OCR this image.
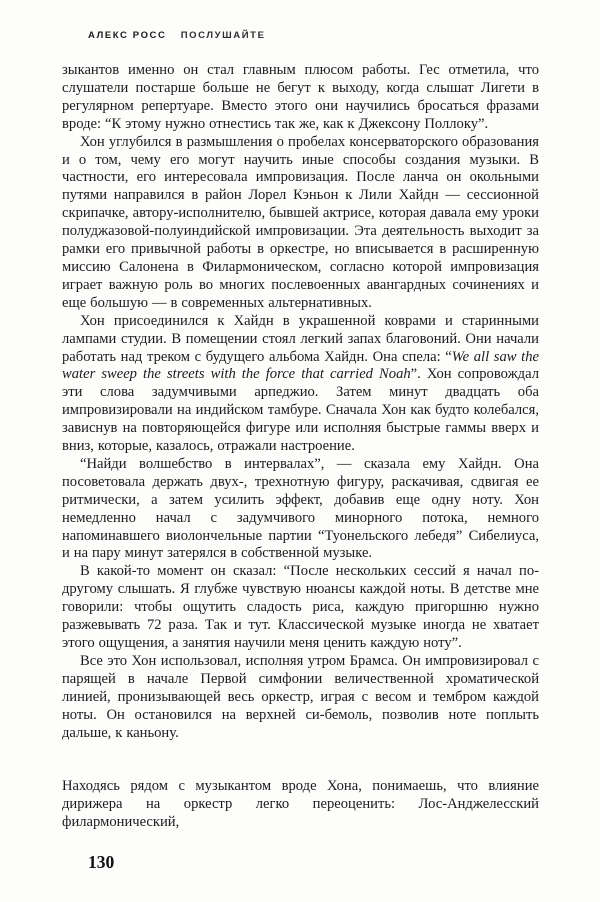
АЛЕКС РОСС ПОСЛУШАЙТЕ

зыкантов именно он стал главным плюсом работы. Гес отметила, что слушатели постарше больше не бегут к выходу, когда слышат Лигети в регулярном репертуаре. Вместо этого они научились бросаться фразами вроде: “К этому нужно отнестись так же, как к Джексону Поллоку”.

Хон углубился в размышления о пробелах консерваторского образования и о том, чему его могут научить иные способы создания музыки. В частности, его интересовала импровизация. После ланча он окольными путями направился в район Лорел Кэньон к Лили Хайдн — сессионной скрипачке, автору-исполнителю, бывшей актрисе, которая давала ему уроки полуджазовой-полуиндийской импровизации. Эта деятельность выходит за рамки его привычной работы в оркестре, но вписывается в расширенную миссию Салонена в Филармоническом, согласно которой импровизация играет важную роль во многих послевоенных авангардных сочинениях и еще большую — в современных альтернативных.

Хон присоединился к Хайдн в украшенной коврами и старинными лампами студии. В помещении стоял легкий запах благовоний. Они начали работать над треком с будущего альбома Хайдн. Она спела: “We all saw the water sweep the streets with the force that carried Noah”. Хон сопровождал эти слова задумчивыми арпеджио. Затем минут двадцать оба импровизировали на индийском тамбуре. Сначала Хон как будто колебался, зависнув на повторяющейся фигуре или исполняя быстрые гаммы вверх и вниз, которые, казалось, отражали настроение.

“Найди волшебство в интервалах”, — сказала ему Хайдн. Она посоветовала держать двух-, трехнотную фигуру, раскачивая, сдвигая ее ритмически, а затем усилить эффект, добавив еще одну ноту. Хон немедленно начал с задумчивого минорного потока, немного напоминавшего виолончельные партии “Туонельского лебедя” Сибелиуса, и на пару минут затерялся в собственной музыке.

В какой-то момент он сказал: “После нескольких сессий я начал по-другому слышать. Я глубже чувствую нюансы каждой ноты. В детстве мне говорили: чтобы ощутить сладость риса, каждую пригоршню нужно разжевывать 72 раза. Так и тут. Классической музыке иногда не хватает этого ощущения, а занятия научили меня ценить каждую ноту”.

Все это Хон использовал, исполняя утром Брамса. Он импровизировал с парящей в начале Первой симфонии величественной хроматической линией, пронизывающей весь оркестр, играя с весом и тембром каждой ноты. Он остановился на верхней си-бемоль, позволив ноте поплыть дальше, к каньону.

Находясь рядом с музыкантом вроде Хона, понимаешь, что влияние дирижера на оркестр легко переоценить: Лос-Анджелесский филармонический,

130
